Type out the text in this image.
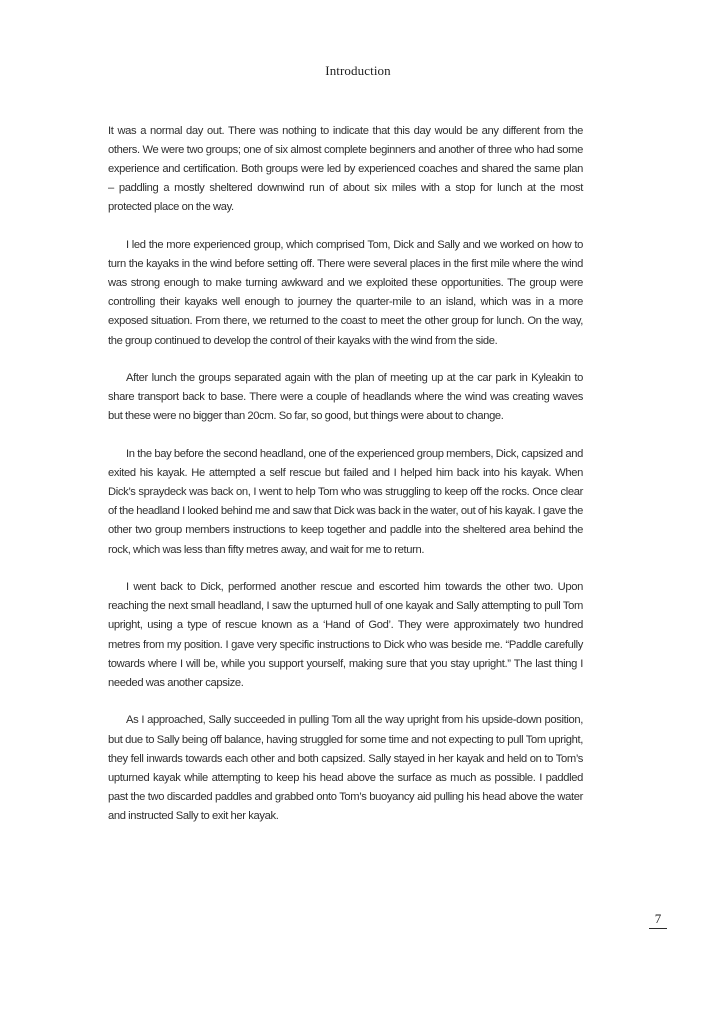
Introduction

It was a normal day out. There was nothing to indicate that this day would be any different from the others. We were two groups; one of six almost complete beginners and another of three who had some experience and certification. Both groups were led by experienced coaches and shared the same plan – paddling a mostly sheltered downwind run of about six miles with a stop for lunch at the most protected place on the way.

I led the more experienced group, which comprised Tom, Dick and Sally and we worked on how to turn the kayaks in the wind before setting off. There were several places in the first mile where the wind was strong enough to make turning awkward and we exploited these opportunities. The group were controlling their kayaks well enough to journey the quarter-mile to an island, which was in a more exposed situation. From there, we returned to the coast to meet the other group for lunch. On the way, the group continued to develop the control of their kayaks with the wind from the side.

After lunch the groups separated again with the plan of meeting up at the car park in Kyleakin to share transport back to base. There were a couple of headlands where the wind was creating waves but these were no bigger than 20cm. So far, so good, but things were about to change.

In the bay before the second headland, one of the experienced group members, Dick, capsized and exited his kayak. He attempted a self rescue but failed and I helped him back into his kayak. When Dick’s spraydeck was back on, I went to help Tom who was struggling to keep off the rocks. Once clear of the headland I looked behind me and saw that Dick was back in the water, out of his kayak. I gave the other two group members instructions to keep together and paddle into the sheltered area behind the rock, which was less than fifty metres away, and wait for me to return.

I went back to Dick, performed another rescue and escorted him towards the other two. Upon reaching the next small headland, I saw the upturned hull of one kayak and Sally attempting to pull Tom upright, using a type of rescue known as a ‘Hand of God’. They were approximately two hundred metres from my position. I gave very specific instructions to Dick who was beside me. “Paddle carefully towards where I will be, while you support yourself, making sure that you stay upright.” The last thing I needed was another capsize.

As I approached, Sally succeeded in pulling Tom all the way upright from his upside-down position, but due to Sally being off balance, having struggled for some time and not expecting to pull Tom upright, they fell inwards towards each other and both capsized. Sally stayed in her kayak and held on to Tom’s upturned kayak while attempting to keep his head above the surface as much as possible. I paddled past the two discarded paddles and grabbed onto Tom’s buoyancy aid pulling his head above the water and instructed Sally to exit her kayak.

7
